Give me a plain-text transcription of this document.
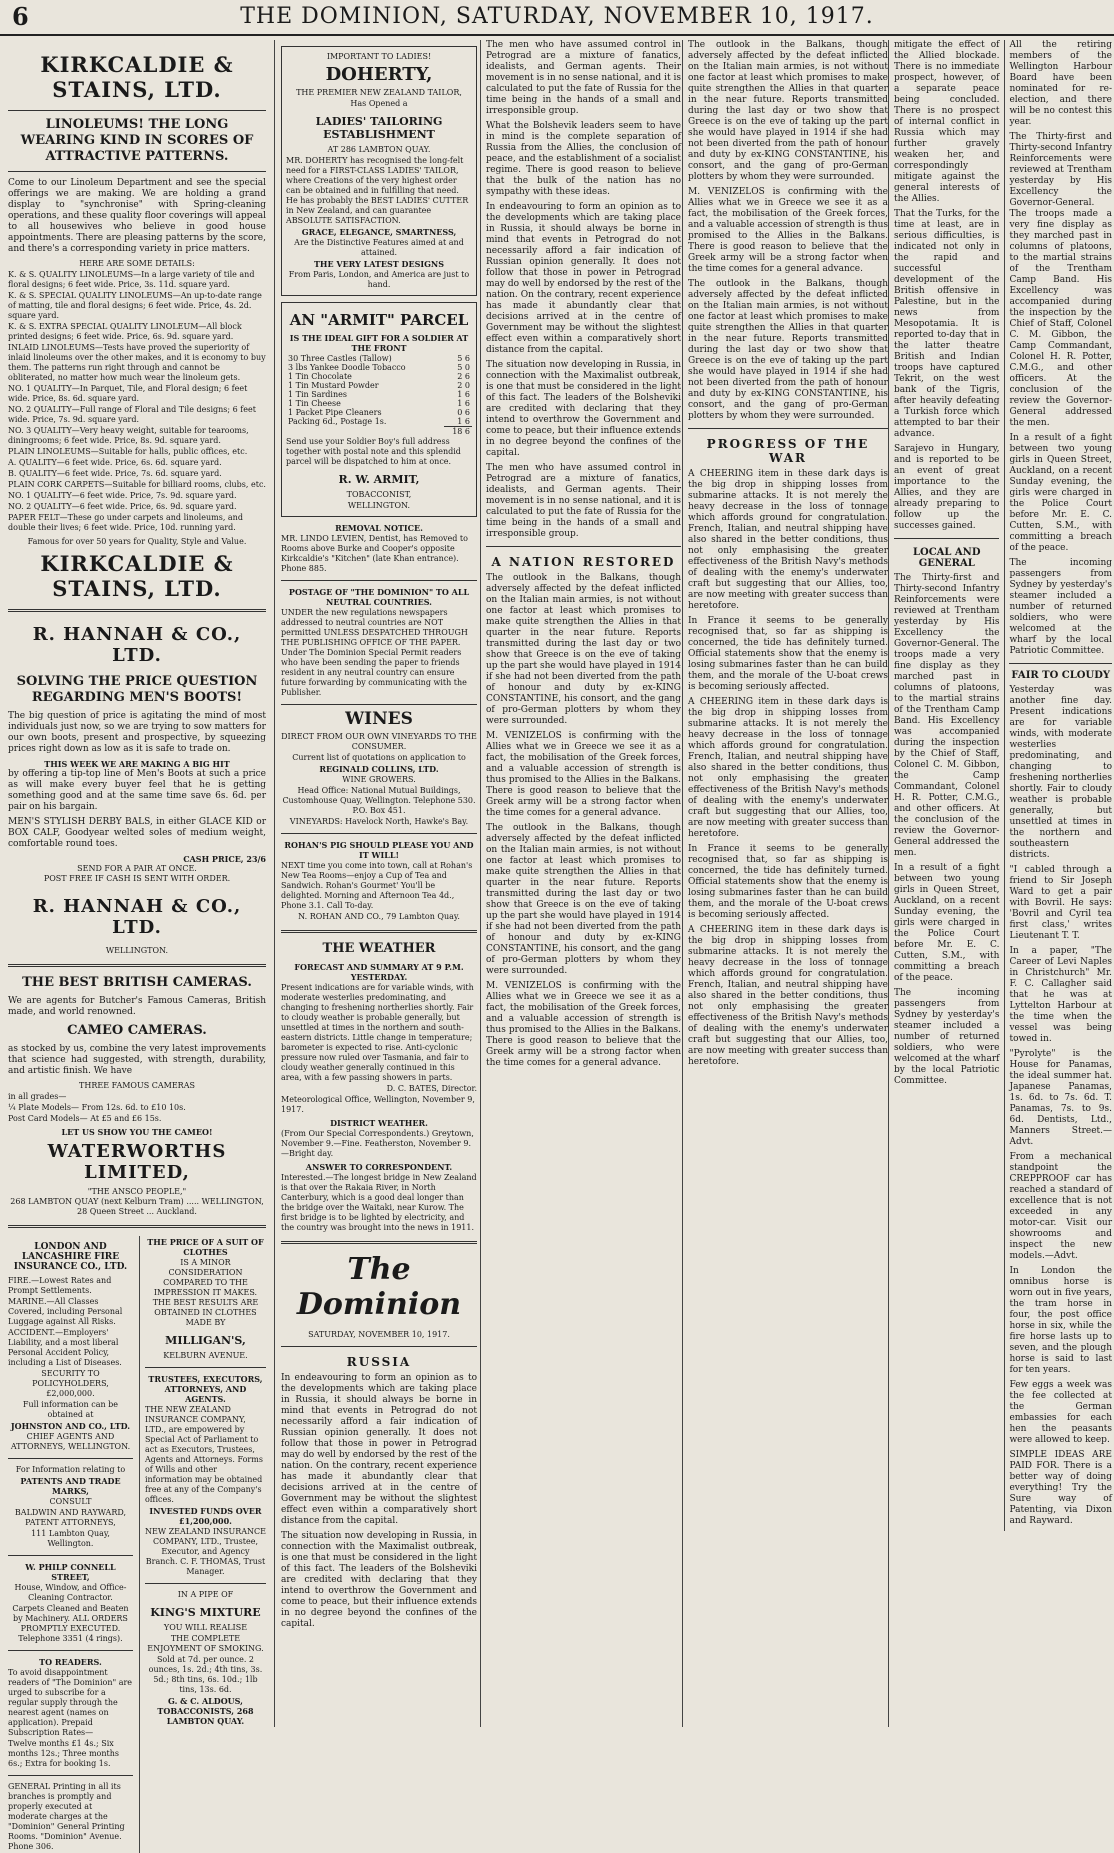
6	THE DOMINION, SATURDAY, NOVEMBER 10, 1917.
KIRKCALDIE & STAINS, LTD.
LINOLEUMS! THE LONG WEARING KIND IN SCORES OF ATTRACTIVE PATTERNS.

Come to our Linoleum Department and see the special offerings we are making. We are holding a grand display to "synchronise" with Spring-cleaning operations, and these quality floor coverings will appeal to all housewives who believe in good house appointments. There are pleasing patterns by the score, and there's a corresponding variety in price matters.

HERE ARE SOME DETAILS:
K. & S. QUALITY LINOLEUMS—In a large variety of tile and floral designs; 6 feet wide. Price, 3s. 11d. square yard.
K. & S. SPECIAL QUALITY LINOLEUMS—An up-to-date range of matting, tile and floral designs; 6 feet wide. Price, 4s. 2d. square yard.
K. & S. EXTRA SPECIAL QUALITY LINOLEUM—All block printed designs; 6 feet wide. Price, 6s. 9d. square yard.
INLAID LINOLEUMS—Tests have proved the superiority of inlaid linoleums over the other makes, and it is economy to buy them. The patterns run right through and cannot be obliterated, no matter how much wear the linoleum gets.
NO. 1 QUALITY—In Parquet, Tile, and Floral design; 6 feet wide. Price, 8s. 6d. square yard.
NO. 2 QUALITY—Full range of Floral and Tile designs; 6 feet wide. Price, 7s. 9d. square yard.
NO. 3 QUALITY—Very heavy weight, suitable for tearooms, diningrooms; 6 feet wide. Price, 8s. 9d. square yard.
PLAIN LINOLEUMS—Suitable for halls, public offices, etc.
A. QUALITY—6 feet wide. Price, 6s. 6d. square yard.
B. QUALITY—6 feet wide. Price, 7s. 6d. square yard.
PLAIN CORK CARPETS—Suitable for billiard rooms, clubs, etc.
NO. 1 QUALITY—6 feet wide. Price, 7s. 9d. square yard.
NO. 2 QUALITY—6 feet wide. Price, 6s. 9d. square yard.
PAPER FELT—These go under carpets and linoleums, and double their lives; 6 feet wide. Price, 10d. running yard.
Famous for over 50 years for Quality, Style and Value.
KIRKCALDIE & STAINS, LTD.
R. HANNAH & CO., LTD.
SOLVING THE PRICE QUESTION REGARDING MEN'S BOOTS!

The big question of price is agitating the mind of most individuals just now, so we are trying to sow matters for our own boots, present and prospective, by squeezing prices right down as low as it is safe to trade on.

THIS WEEK WE ARE MAKING A BIG HIT

by offering a tip-top line of Men's Boots at such a price as will make every buyer feel that he is getting something good and at the same time save 6s. 6d. per pair on his bargain.

MEN'S STYLISH DERBY BALS, in either GLACE KID or BOX CALF, Goodyear welted soles of medium weight, comfortable round toes.

CASH PRICE, 23/6
SEND FOR A PAIR AT ONCE.
POST FREE IF CASH IS SENT WITH ORDER.
R. HANNAH & CO., LTD.
WELLINGTON.
THE BEST BRITISH CAMERAS.

We are agents for Butcher's Famous Cameras, British made, and world renowned.

CAMEO CAMERAS.

as stocked by us, combine the very latest improvements that science had suggested, with strength, durability, and artistic finish. We have

THREE FAMOUS CAMERAS
in all grades—
¼ Plate Models— From 12s. 6d. to £10 10s.
Post Card Models— At £5 and £6 15s.
LET US SHOW YOU THE CAMEO!
WATERWORTHS LIMITED,
"THE ANSCO PEOPLE,"
268 LAMBTON QUAY (next Kelburn Tram) ..... WELLINGTON, 28 Queen Street ... Auckland.
LONDON AND LANCASHIRE FIRE INSURANCE CO., LTD.
FIRE.—Lowest Rates and Prompt Settlements.
MARINE.—All Classes Covered, including Personal Luggage against All Risks.
ACCIDENT.—Employers' Liability, and a most liberal Personal Accident Policy, including a List of Diseases.
SECURITY TO POLICYHOLDERS, £2,000,000.
Full information can be obtained at
JOHNSTON AND CO., LTD.
CHIEF AGENTS AND ATTORNEYS, WELLINGTON.
For Information relating to
PATENTS AND TRADE MARKS,
CONSULT
BALDWIN AND RAYWARD, PATENT ATTORNEYS,
111 Lambton Quay, Wellington.
W. PHILP CONNELL STREET,
House, Window, and Office-Cleaning Contractor.
Carpets Cleaned and Beaten by Machinery. ALL ORDERS PROMPTLY EXECUTED. Telephone 3351 (4 rings).
TO READERS.
To avoid disappointment readers of "The Dominion" are urged to subscribe for a regular supply through the nearest agent (names on application). Prepaid Subscription Rates—
Twelve months £1 4s.; Six months 12s.; Three months 6s.; Extra for booking 1s.
GENERAL Printing in all its branches is promptly and properly executed at moderate charges at the "Dominion" General Printing Rooms. "Dominion" Avenue. Phone 306.
THE PRICE OF A SUIT OF CLOTHES
IS A MINOR CONSIDERATION COMPARED TO THE IMPRESSION IT MAKES. THE BEST RESULTS ARE OBTAINED IN CLOTHES MADE BY
MILLIGAN'S,
KELBURN AVENUE.
TRUSTEES, EXECUTORS, ATTORNEYS, AND AGENTS.
THE NEW ZEALAND INSURANCE COMPANY, LTD., are empowered by Special Act of Parliament to act as Executors, Trustees, Agents and Attorneys. Forms of Wills and other information may be obtained free at any of the Company's offices.
INVESTED FUNDS OVER £1,200,000.
NEW ZEALAND INSURANCE COMPANY, LTD., Trustee, Executor, and Agency Branch. C. F. THOMAS, Trust Manager.
IN A PIPE OF
KING'S MIXTURE
YOU WILL REALISE
THE COMPLETE ENJOYMENT OF SMOKING.
Sold at 7d. per ounce. 2 ounces, 1s. 2d.; 4th tins, 3s. 5d.; 8th tins, 6s. 10d.; 1lb tins, 13s. 6d.
G. & C. ALDOUS, TOBACCONISTS, 268 LAMBTON QUAY.
IMPORTANT TO LADIES!
DOHERTY,
THE PREMIER NEW ZEALAND TAILOR,
Has Opened a
LADIES' TAILORING ESTABLISHMENT
AT 286 LAMBTON QUAY.
MR. DOHERTY has recognised the long-felt need for a FIRST-CLASS LADIES' TAILOR, where Creations of the very highest order can be obtained and in fulfilling that need. He has probably the BEST LADIES' CUTTER in New Zealand, and can guarantee ABSOLUTE SATISFACTION.
GRACE, ELEGANCE, SMARTNESS,
Are the Distinctive Features aimed at and attained.
THE VERY LATEST DESIGNS
From Paris, London, and America are just to hand.
AN "ARMIT" PARCEL
IS THE IDEAL GIFT FOR A SOLDIER AT THE FRONT
30 Three Castles (Tallow)	5 6
3 lbs Yankee Doodle Tobacco	5 0
1 Tin Chocolate	2 6
1 Tin Mustard Powder	2 0
1 Tin Sardines	1 6
1 Tin Cheese	1 6
1 Packet Pipe Cleaners	0 6
Packing 6d., Postage 1s.	1 6
	18 6
Send use your Soldier Boy's full address together with postal note and this splendid parcel will be dispatched to him at once.
R. W. ARMIT,
TOBACCONIST,
WELLINGTON.
REMOVAL NOTICE.
MR. LINDO LEVIEN, Dentist, has Removed to Rooms above Burke and Cooper's opposite Kirkcaldie's "Kitchen" (late Khan entrance). Phone 885.
POSTAGE OF "THE DOMINION" TO ALL NEUTRAL COUNTRIES.
UNDER the new regulations newspapers addressed to neutral countries are NOT permitted UNLESS DESPATCHED THROUGH THE PUBLISHING OFFICE OF THE PAPER. Under The Dominion Special Permit readers who have been sending the paper to friends resident in any neutral country can ensure future forwarding by communicating with the Publisher.
WINES
DIRECT FROM OUR OWN VINEYARDS TO THE CONSUMER.
Current list of quotations on application to
REGINALD COLLINS, LTD.
WINE GROWERS.
Head Office: National Mutual Buildings, Customhouse Quay, Wellington. Telephone 530. P.O. Box 451.
VINEYARDS: Havelock North, Hawke's Bay.
ROHAN'S PIG SHOULD PLEASE YOU AND IT WILL!
NEXT time you come into town, call at Rohan's New Tea Rooms—enjoy a Cup of Tea and Sandwich. Rohan's Gourmet' You'll be delighted. Morning and Afternoon Tea 4d., Phone 3.1. Call To-day.
N. ROHAN AND CO., 79 Lambton Quay.
THE WEATHER
FORECAST AND SUMMARY AT 9 P.M. YESTERDAY.
Present indications are for variable winds, with moderate westerlies predominating, and changing to freshening northerlies shortly. Fair to cloudy weather is probable generally, but unsettled at times in the northern and south-eastern districts. Little change in temperature; barometer is expected to rise. Anti-cyclonic pressure now ruled over Tasmania, and fair to cloudy weather generally continued in this area, with a few passing showers in parts.
D. C. BATES, Director.
Meteorological Office, Wellington, November 9, 1917.
DISTRICT WEATHER.
(From Our Special Correspondents.) Greytown, November 9.—Fine. Featherston, November 9.—Bright day.
ANSWER TO CORRESPONDENT.
Interested.—The longest bridge in New Zealand is that over the Rakaia River, in North Canterbury, which is a good deal longer than the bridge over the Waitaki, near Kurow. The first bridge is to be lighted by electricity, and the country was brought into the news in 1911.
The Dominion
SATURDAY, NOVEMBER 10, 1917.
RUSSIA

In endeavouring to form an opinion as to the developments which are taking place in Russia, it should always be borne in mind that events in Petrograd do not necessarily afford a fair indication of Russian opinion generally. It does not follow that those in power in Petrograd may do well by endorsed by the rest of the nation. On the contrary, recent experience has made it abundantly clear that decisions arrived at in the centre of Government may be without the slightest effect even within a comparatively short distance from the capital.

The situation now developing in Russia, in connection with the Maximalist outbreak, is one that must be considered in the light of this fact. The leaders of the Bolsheviki are credited with declaring that they intend to overthrow the Government and come to peace, but their influence extends in no degree beyond the confines of the capital.

The men who have assumed control in Petrograd are a mixture of fanatics, idealists, and German agents. Their movement is in no sense national, and it is calculated to put the fate of Russia for the time being in the hands of a small and irresponsible group.

What the Bolshevik leaders seem to have in mind is the complete separation of Russia from the Allies, the conclusion of peace, and the establishment of a socialist regime. There is good reason to believe that the bulk of the nation has no sympathy with these ideas.

In endeavouring to form an opinion as to the developments which are taking place in Russia, it should always be borne in mind that events in Petrograd do not necessarily afford a fair indication of Russian opinion generally. It does not follow that those in power in Petrograd may do well by endorsed by the rest of the nation. On the contrary, recent experience has made it abundantly clear that decisions arrived at in the centre of Government may be without the slightest effect even within a comparatively short distance from the capital.

The situation now developing in Russia, in connection with the Maximalist outbreak, is one that must be considered in the light of this fact. The leaders of the Bolsheviki are credited with declaring that they intend to overthrow the Government and come to peace, but their influence extends in no degree beyond the confines of the capital.

The men who have assumed control in Petrograd are a mixture of fanatics, idealists, and German agents. Their movement is in no sense national, and it is calculated to put the fate of Russia for the time being in the hands of a small and irresponsible group.

A NATION RESTORED

The outlook in the Balkans, though adversely affected by the defeat inflicted on the Italian main armies, is not without one factor at least which promises to make quite strengthen the Allies in that quarter in the near future. Reports transmitted during the last day or two show that Greece is on the eve of taking up the part she would have played in 1914 if she had not been diverted from the path of honour and duty by ex-KING CONSTANTINE, his consort, and the gang of pro-German plotters by whom they were surrounded.

M. VENIZELOS is confirming with the Allies what we in Greece we see it as a fact, the mobilisation of the Greek forces, and a valuable accession of strength is thus promised to the Allies in the Balkans. There is good reason to believe that the Greek army will be a strong factor when the time comes for a general advance.

The outlook in the Balkans, though adversely affected by the defeat inflicted on the Italian main armies, is not without one factor at least which promises to make quite strengthen the Allies in that quarter in the near future. Reports transmitted during the last day or two show that Greece is on the eve of taking up the part she would have played in 1914 if she had not been diverted from the path of honour and duty by ex-KING CONSTANTINE, his consort, and the gang of pro-German plotters by whom they were surrounded.

M. VENIZELOS is confirming with the Allies what we in Greece we see it as a fact, the mobilisation of the Greek forces, and a valuable accession of strength is thus promised to the Allies in the Balkans. There is good reason to believe that the Greek army will be a strong factor when the time comes for a general advance.

The outlook in the Balkans, though adversely affected by the defeat inflicted on the Italian main armies, is not without one factor at least which promises to make quite strengthen the Allies in that quarter in the near future. Reports transmitted during the last day or two show that Greece is on the eve of taking up the part she would have played in 1914 if she had not been diverted from the path of honour and duty by ex-KING CONSTANTINE, his consort, and the gang of pro-German plotters by whom they were surrounded.

M. VENIZELOS is confirming with the Allies what we in Greece we see it as a fact, the mobilisation of the Greek forces, and a valuable accession of strength is thus promised to the Allies in the Balkans. There is good reason to believe that the Greek army will be a strong factor when the time comes for a general advance.

The outlook in the Balkans, though adversely affected by the defeat inflicted on the Italian main armies, is not without one factor at least which promises to make quite strengthen the Allies in that quarter in the near future. Reports transmitted during the last day or two show that Greece is on the eve of taking up the part she would have played in 1914 if she had not been diverted from the path of honour and duty by ex-KING CONSTANTINE, his consort, and the gang of pro-German plotters by whom they were surrounded.

PROGRESS OF THE WAR

A CHEERING item in these dark days is the big drop in shipping losses from submarine attacks. It is not merely the heavy decrease in the loss of tonnage which affords ground for congratulation. French, Italian, and neutral shipping have also shared in the better conditions, thus not only emphasising the greater effectiveness of the British Navy's methods of dealing with the enemy's underwater craft but suggesting that our Allies, too, are now meeting with greater success than heretofore.

In France it seems to be generally recognised that, so far as shipping is concerned, the tide has definitely turned. Official statements show that the enemy is losing submarines faster than he can build them, and the morale of the U-boat crews is becoming seriously affected.

A CHEERING item in these dark days is the big drop in shipping losses from submarine attacks. It is not merely the heavy decrease in the loss of tonnage which affords ground for congratulation. French, Italian, and neutral shipping have also shared in the better conditions, thus not only emphasising the greater effectiveness of the British Navy's methods of dealing with the enemy's underwater craft but suggesting that our Allies, too, are now meeting with greater success than heretofore.

In France it seems to be generally recognised that, so far as shipping is concerned, the tide has definitely turned. Official statements show that the enemy is losing submarines faster than he can build them, and the morale of the U-boat crews is becoming seriously affected.

A CHEERING item in these dark days is the big drop in shipping losses from submarine attacks. It is not merely the heavy decrease in the loss of tonnage which affords ground for congratulation. French, Italian, and neutral shipping have also shared in the better conditions, thus not only emphasising the greater effectiveness of the British Navy's methods of dealing with the enemy's underwater craft but suggesting that our Allies, too, are now meeting with greater success than heretofore.

mitigate the effect of the Allied blockade. There is no immediate prospect, however, of a separate peace being concluded. There is no prospect of internal conflict in Russia which may further gravely weaken her, and correspondingly mitigate against the general interests of the Allies.

That the Turks, for the time at least, are in serious difficulties, is indicated not only in the rapid and successful development of the British offensive in Palestine, but in the news from Mesopotamia. It is reported to-day that in the latter theatre British and Indian troops have captured Tekrit, on the west bank of the Tigris, after heavily defeating a Turkish force which attempted to bar their advance.

Sarajevo in Hungary, and is reported to be an event of great importance to the Allies, and they are already preparing to follow up the successes gained.

LOCAL AND GENERAL

The Thirty-first and Thirty-second Infantry Reinforcements were reviewed at Trentham yesterday by His Excellency the Governor-General. The troops made a very fine display as they marched past in columns of platoons, to the martial strains of the Trentham Camp Band. His Excellency was accompanied during the inspection by the Chief of Staff, Colonel C. M. Gibbon, the Camp Commandant, Colonel H. R. Potter, C.M.G., and other officers. At the conclusion of the review the Governor-General addressed the men.

In a result of a fight between two young girls in Queen Street, Auckland, on a recent Sunday evening, the girls were charged in the Police Court before Mr. E. C. Cutten, S.M., with committing a breach of the peace.

The incoming passengers from Sydney by yesterday's steamer included a number of returned soldiers, who were welcomed at the wharf by the local Patriotic Committee.

All the retiring members of the Wellington Harbour Board have been nominated for re-election, and there will be no contest this year.

The Thirty-first and Thirty-second Infantry Reinforcements were reviewed at Trentham yesterday by His Excellency the Governor-General. The troops made a very fine display as they marched past in columns of platoons, to the martial strains of the Trentham Camp Band. His Excellency was accompanied during the inspection by the Chief of Staff, Colonel C. M. Gibbon, the Camp Commandant, Colonel H. R. Potter, C.M.G., and other officers. At the conclusion of the review the Governor-General addressed the men.

In a result of a fight between two young girls in Queen Street, Auckland, on a recent Sunday evening, the girls were charged in the Police Court before Mr. E. C. Cutten, S.M., with committing a breach of the peace.

The incoming passengers from Sydney by yesterday's steamer included a number of returned soldiers, who were welcomed at the wharf by the local Patriotic Committee.

FAIR TO CLOUDY

Yesterday was another fine day. Present indications are for variable winds, with moderate westerlies predominating, and changing to freshening northerlies shortly. Fair to cloudy weather is probable generally, but unsettled at times in the northern and southeastern districts.

"I cabled through a friend to Sir Joseph Ward to get a pair with Bovril. He says: 'Bovril and Cyril tea first class,' writes Lieutenant T. T.

In a paper, "The Career of Levi Naples in Christchurch" Mr. F. C. Callagher said that he was at Lyttelton Harbour at the time when the vessel was being towed in.

"Pyrolyte" is the House for Panamas, the ideal summer hat. Japanese Panamas, 1s. 6d. to 7s. 6d. T. Panamas, 7s. to 9s. 6d. Dentists, Ltd., Manners Street.—Advt.

From a mechanical standpoint the CREPPROOF car has reached a standard of excellence that is not exceeded in any motor-car. Visit our showrooms and inspect the new models.—Advt.

In London the omnibus horse is worn out in five years, the tram horse in four, the post office horse in six, while the fire horse lasts up to seven, and the plough horse is said to last for ten years.

Few eggs a week was the fee collected at the German embassies for each hen the peasants were allowed to keep.

SIMPLE IDEAS ARE PAID FOR. There is a better way of doing everything! Try the Sure way of Patenting, via Dixon and Rayward.
